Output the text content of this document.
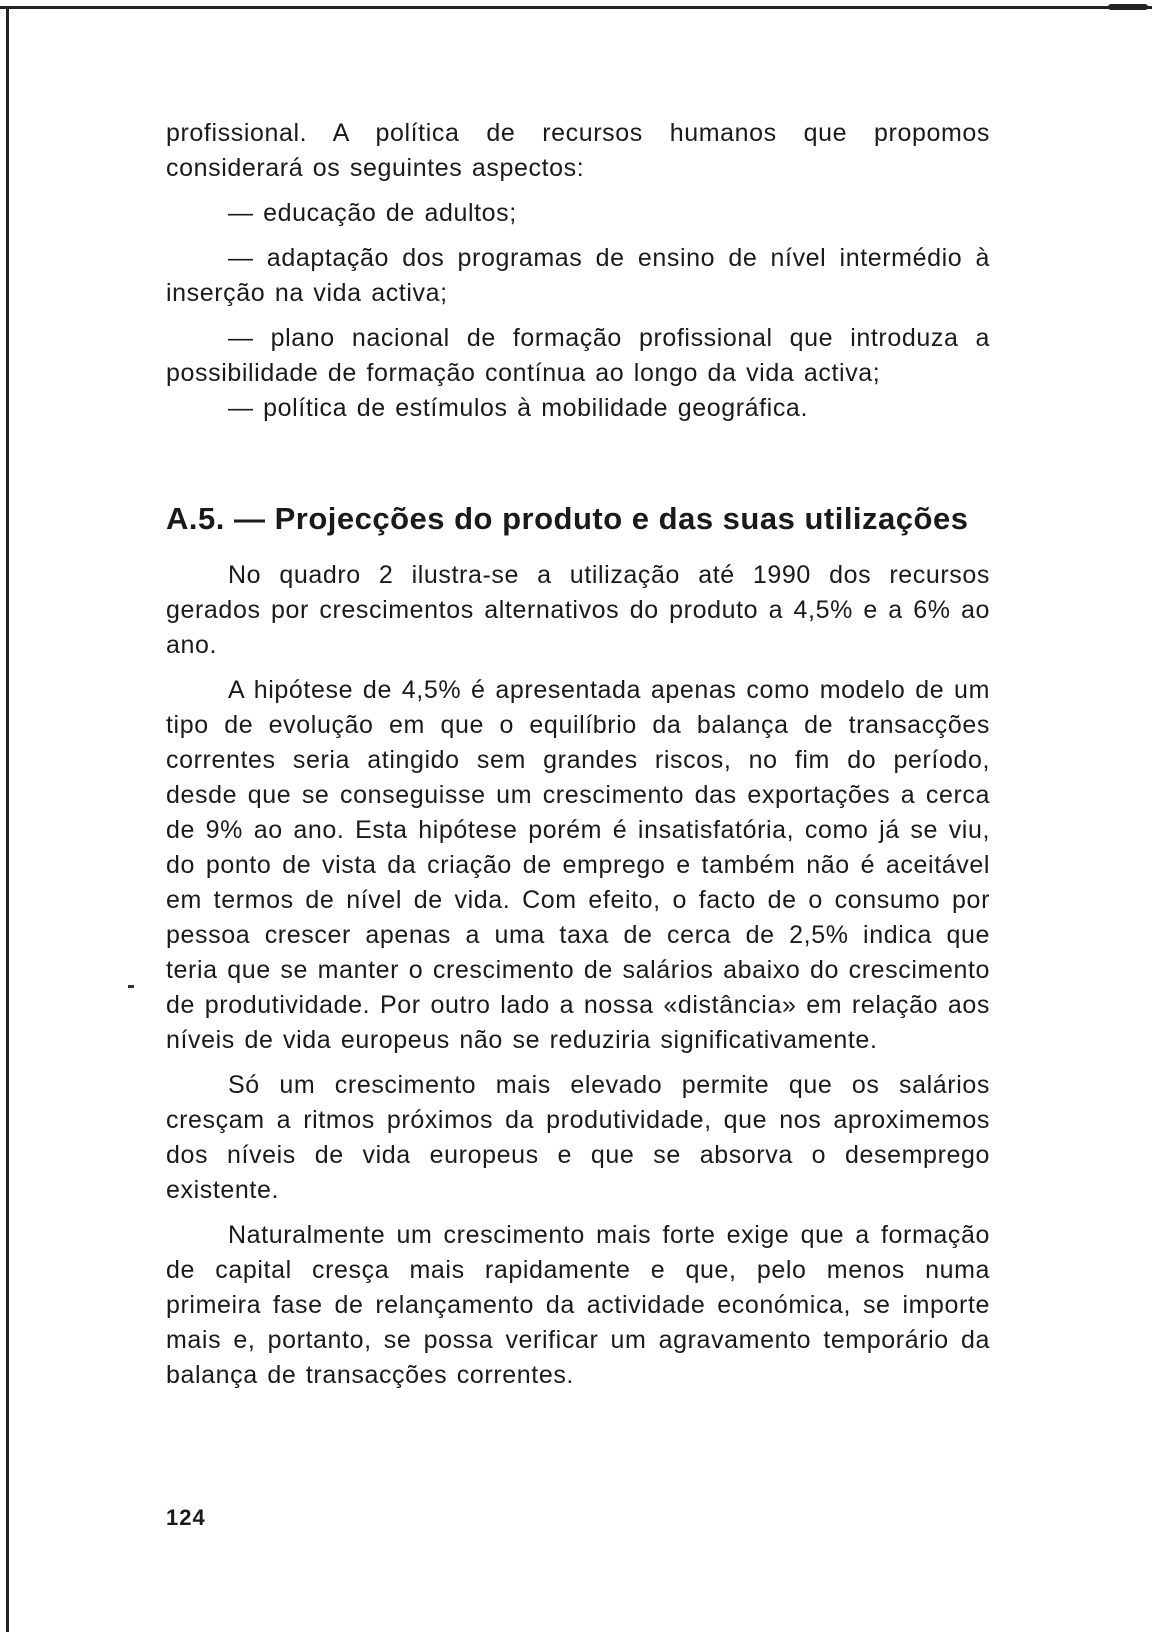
profissional. A política de recursos humanos que propomos considerará os seguintes aspectos:

— educação de adultos;

— adaptação dos programas de ensino de nível intermédio à inserção na vida activa;

— plano nacional de formação profissional que introduza a possibilidade de formação contínua ao longo da vida activa;

— política de estímulos à mobilidade geográfica.

A.5. — Projecções do produto e das suas utilizações

No quadro 2 ilustra-se a utilização até 1990 dos recursos gerados por crescimentos alternativos do produto a 4,5% e a 6% ao ano.

A hipótese de 4,5% é apresentada apenas como modelo de um tipo de evolução em que o equilíbrio da balança de transacções correntes seria atingido sem grandes riscos, no fim do período, desde que se conseguisse um crescimento das exportações a cerca de 9% ao ano. Esta hipótese porém é insatisfatória, como já se viu, do ponto de vista da criação de emprego e também não é aceitável em termos de nível de vida. Com efeito, o facto de o consumo por pessoa crescer apenas a uma taxa de cerca de 2,5% indica que teria que se manter o crescimento de salários abaixo do crescimento de produtividade. Por outro lado a nossa «distância» em relação aos níveis de vida europeus não se reduziria significativamente.

Só um crescimento mais elevado permite que os salários cresçam a ritmos próximos da produtividade, que nos aproximemos dos níveis de vida europeus e que se absorva o desemprego existente.

Naturalmente um crescimento mais forte exige que a formação de capital cresça mais rapidamente e que, pelo menos numa primeira fase de relançamento da actividade económica, se importe mais e, portanto, se possa verificar um agravamento temporário da balança de transacções correntes.

124
